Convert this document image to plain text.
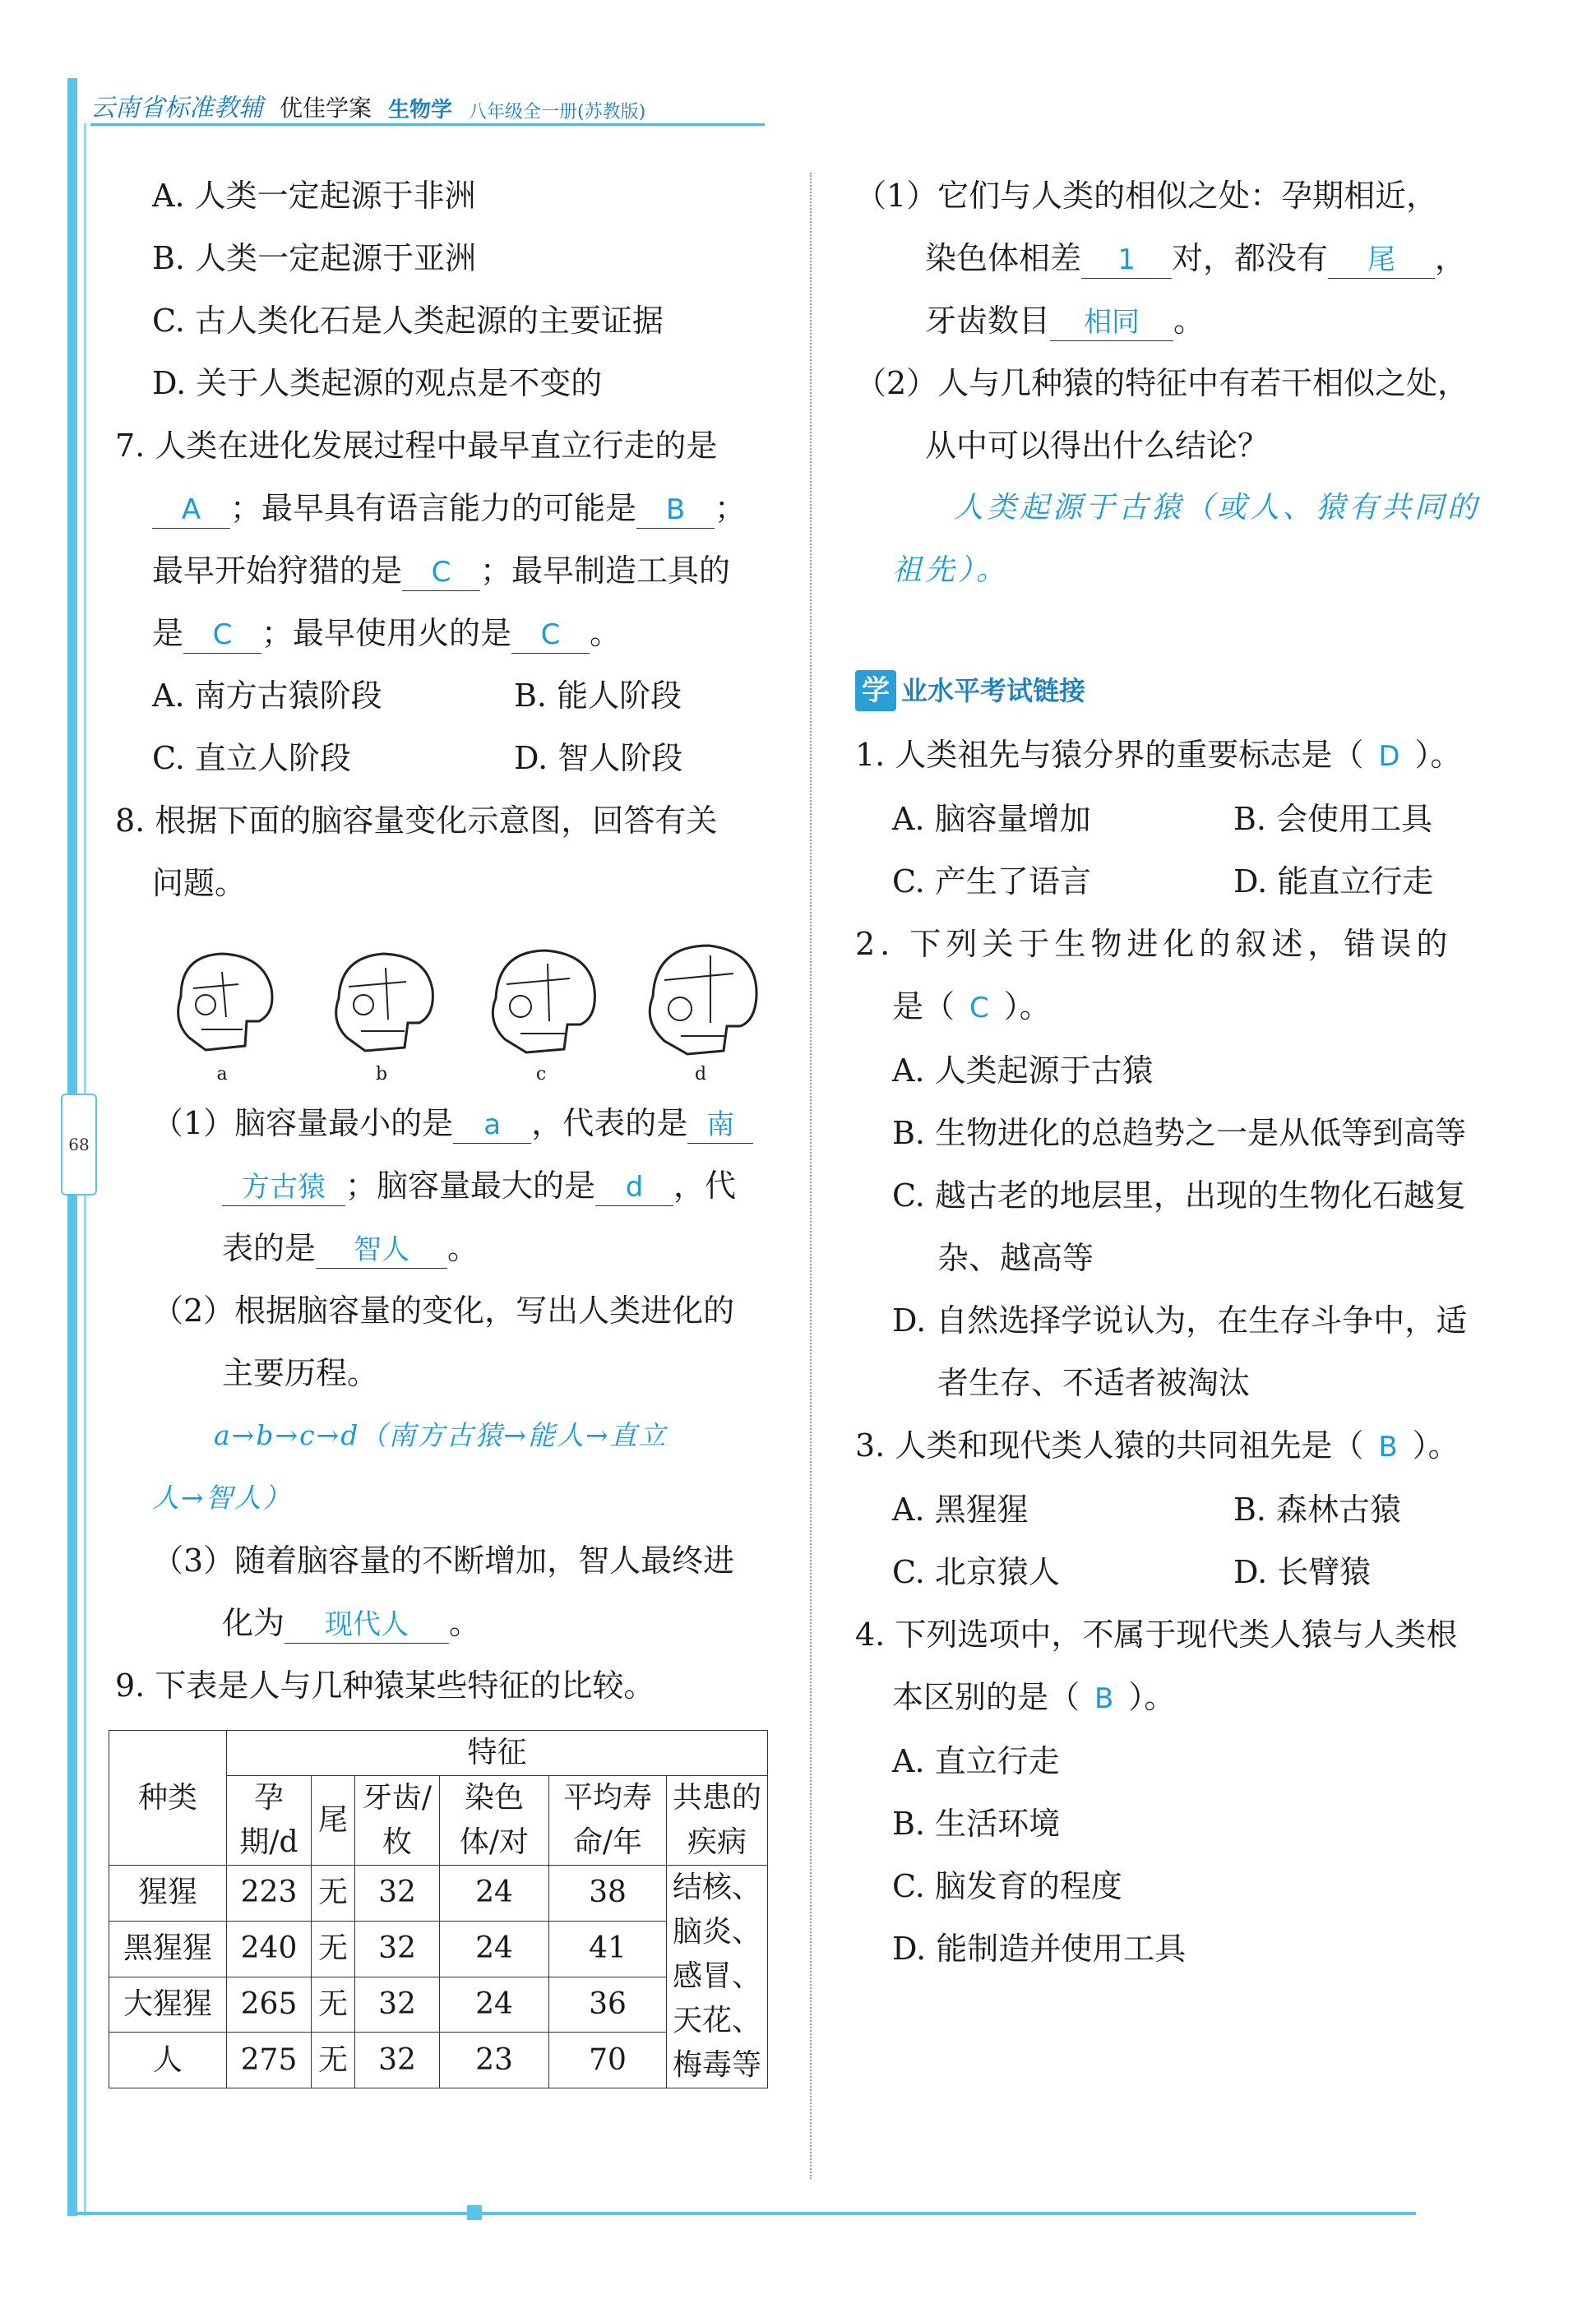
云南省标准教辅 优佳学案 生物学 八年级全一册(苏教版)
68
A. 人类一定起源于非洲
B. 人类一定起源于亚洲
C. 古人类化石是人类起源的主要证据
D. 关于人类起源的观点是不变的
7. 人类在进化发展过程中最早直立行走的是
A ；最早具有语言能力的可能是 B ；
最早开始狩猎的是 C ；最早制造工具的
是 C ；最早使用火的是 C 。
A. 南方古猿阶段	B. 能人阶段
C. 直立人阶段	D. 智人阶段
8. 根据下面的脑容量变化示意图，回答有关
问题。
a	b	c	d
（1）脑容量最小的是 a ，代表的是 南
方古猿 ；脑容量最大的是 d ，代
表的是 智人 。
（2）根据脑容量的变化，写出人类进化的
主要历程。
a→b→c→d（南方古猿→能人→直立
人→智人）
（3）随着脑容量的不断增加，智人最终进
化为 现代人 。
9. 下表是人与几种猿某些特征的比较。
种类	特征					
	孕期/d	尾	牙齿/枚	染色体/对	平均寿命/年	共患的疾病
猩猩	223	无	32	24	38	结核、
脑炎、
感冒、
天花、
梅毒等

黑猩猩	240	无	32	24	41	
大猩猩	265	无	32	24	36	
人	275	无	32	23	70	
（1）它们与人类的相似之处：孕期相近，
染色体相差 1 对，都没有 尾 ，
牙齿数目 相同 。
（2）人与几种猿的特征中有若干相似之处，
从中可以得出什么结论？
人类起源于古猿（或人、猿有共同的
祖先）。
学 业水平考试链接
1. 人类祖先与猿分界的重要标志是（ D ）。
A. 脑容量增加	B. 会使用工具
C. 产生了语言	D. 能直立行走
2. 下列关于生物进化的叙述，错误的
是（ C ）。
A. 人类起源于古猿
B. 生物进化的总趋势之一是从低等到高等
C. 越古老的地层里，出现的生物化石越复
杂、越高等
D. 自然选择学说认为，在生存斗争中，适
者生存、不适者被淘汰
3. 人类和现代类人猿的共同祖先是（ B ）。
A. 黑猩猩	B. 森林古猿
C. 北京猿人	D. 长臂猿
4. 下列选项中，不属于现代类人猿与人类根
本区别的是（ B ）。
A. 直立行走
B. 生活环境
C. 脑发育的程度
D. 能制造并使用工具
